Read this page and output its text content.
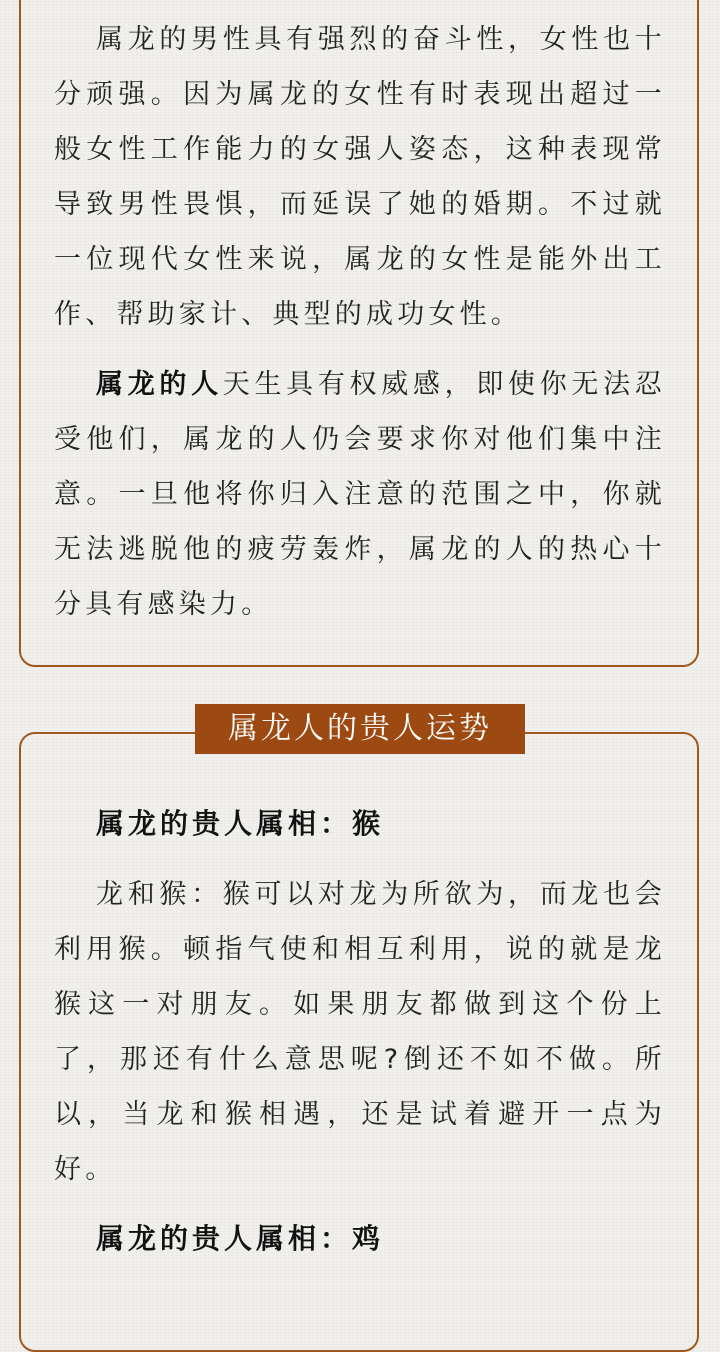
属龙的男性具有强烈的奋斗性，女性也十分顽强。因为属龙的女性有时表现出超过一般女性工作能力的女强人姿态，这种表现常导致男性畏惧，而延误了她的婚期。不过就一位现代女性来说，属龙的女性是能外出工作、帮助家计、典型的成功女性。

属龙的人天生具有权威感，即使你无法忍受他们，属龙的人仍会要求你对他们集中注意。一旦他将你归入注意的范围之中，你就无法逃脱他的疲劳轰炸，属龙的人的热心十分具有感染力。

属龙人的贵人运势
属龙的贵人属相：猴

龙和猴：猴可以对龙为所欲为，而龙也会利用猴。顿指气使和相互利用，说的就是龙猴这一对朋友。如果朋友都做到这个份上了，那还有什么意思呢?倒还不如不做。所以，当龙和猴相遇，还是试着避开一点为好。

属龙的贵人属相：鸡
